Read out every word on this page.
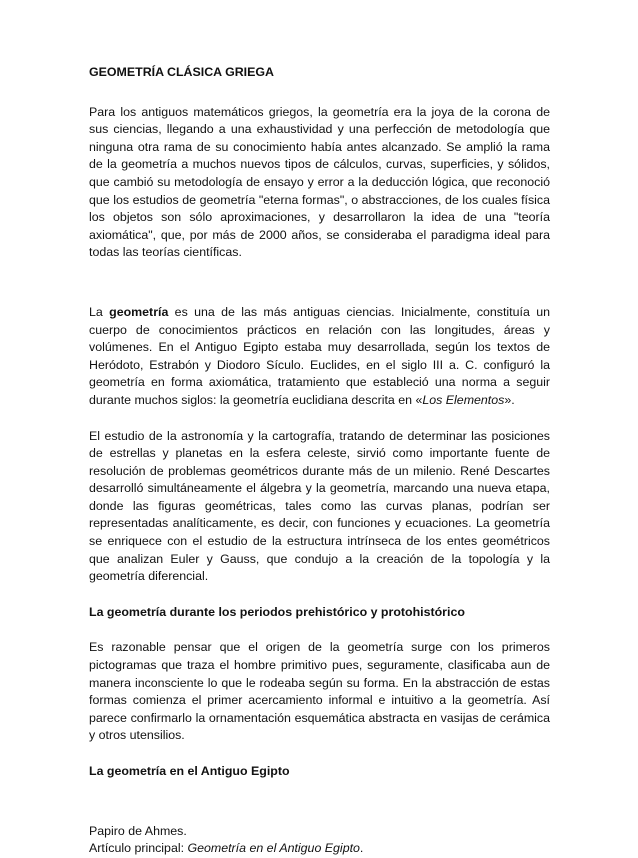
GEOMETRÍA CLÁSICA GRIEGA

Para los antiguos matemáticos griegos, la geometría era la joya de la corona de sus ciencias, llegando a una exhaustividad y una perfección de metodología que ninguna otra rama de su conocimiento había antes alcanzado. Se amplió la rama de la geometría a muchos nuevos tipos de cálculos, curvas, superficies, y sólidos, que cambió su metodología de ensayo y error a la deducción lógica, que reconoció que los estudios de geometría "eterna formas", o abstracciones, de los cuales física los objetos son sólo aproximaciones, y desarrollaron la idea de una "teoría axiomática", que, por más de 2000 años, se consideraba el paradigma ideal para todas las teorías científicas.

La geometría es una de las más antiguas ciencias. Inicialmente, constituía un cuerpo de conocimientos prácticos en relación con las longitudes, áreas y volúmenes. En el Antiguo Egipto estaba muy desarrollada, según los textos de Heródoto, Estrabón y Diodoro Sículo. Euclides, en el siglo III a. C. configuró la geometría en forma axiomática, tratamiento que estableció una norma a seguir durante muchos siglos: la geometría euclidiana descrita en «Los Elementos».

El estudio de la astronomía y la cartografía, tratando de determinar las posiciones de estrellas y planetas en la esfera celeste, sirvió como importante fuente de resolución de problemas geométricos durante más de un milenio. René Descartes desarrolló simultáneamente el álgebra y la geometría, marcando una nueva etapa, donde las figuras geométricas, tales como las curvas planas, podrían ser representadas analíticamente, es decir, con funciones y ecuaciones. La geometría se enriquece con el estudio de la estructura intrínseca de los entes geométricos que analizan Euler y Gauss, que condujo a la creación de la topología y la geometría diferencial.

La geometría durante los periodos prehistórico y protohistórico

Es razonable pensar que el origen de la geometría surge con los primeros pictogramas que traza el hombre primitivo pues, seguramente, clasificaba aun de manera inconsciente lo que le rodeaba según su forma. En la abstracción de estas formas comienza el primer acercamiento informal e intuitivo a la geometría. Así parece confirmarlo la ornamentación esquemática abstracta en vasijas de cerámica y otros utensilios.

La geometría en el Antiguo Egipto

Papiro de Ahmes.

Artículo principal: Geometría en el Antiguo Egipto.
